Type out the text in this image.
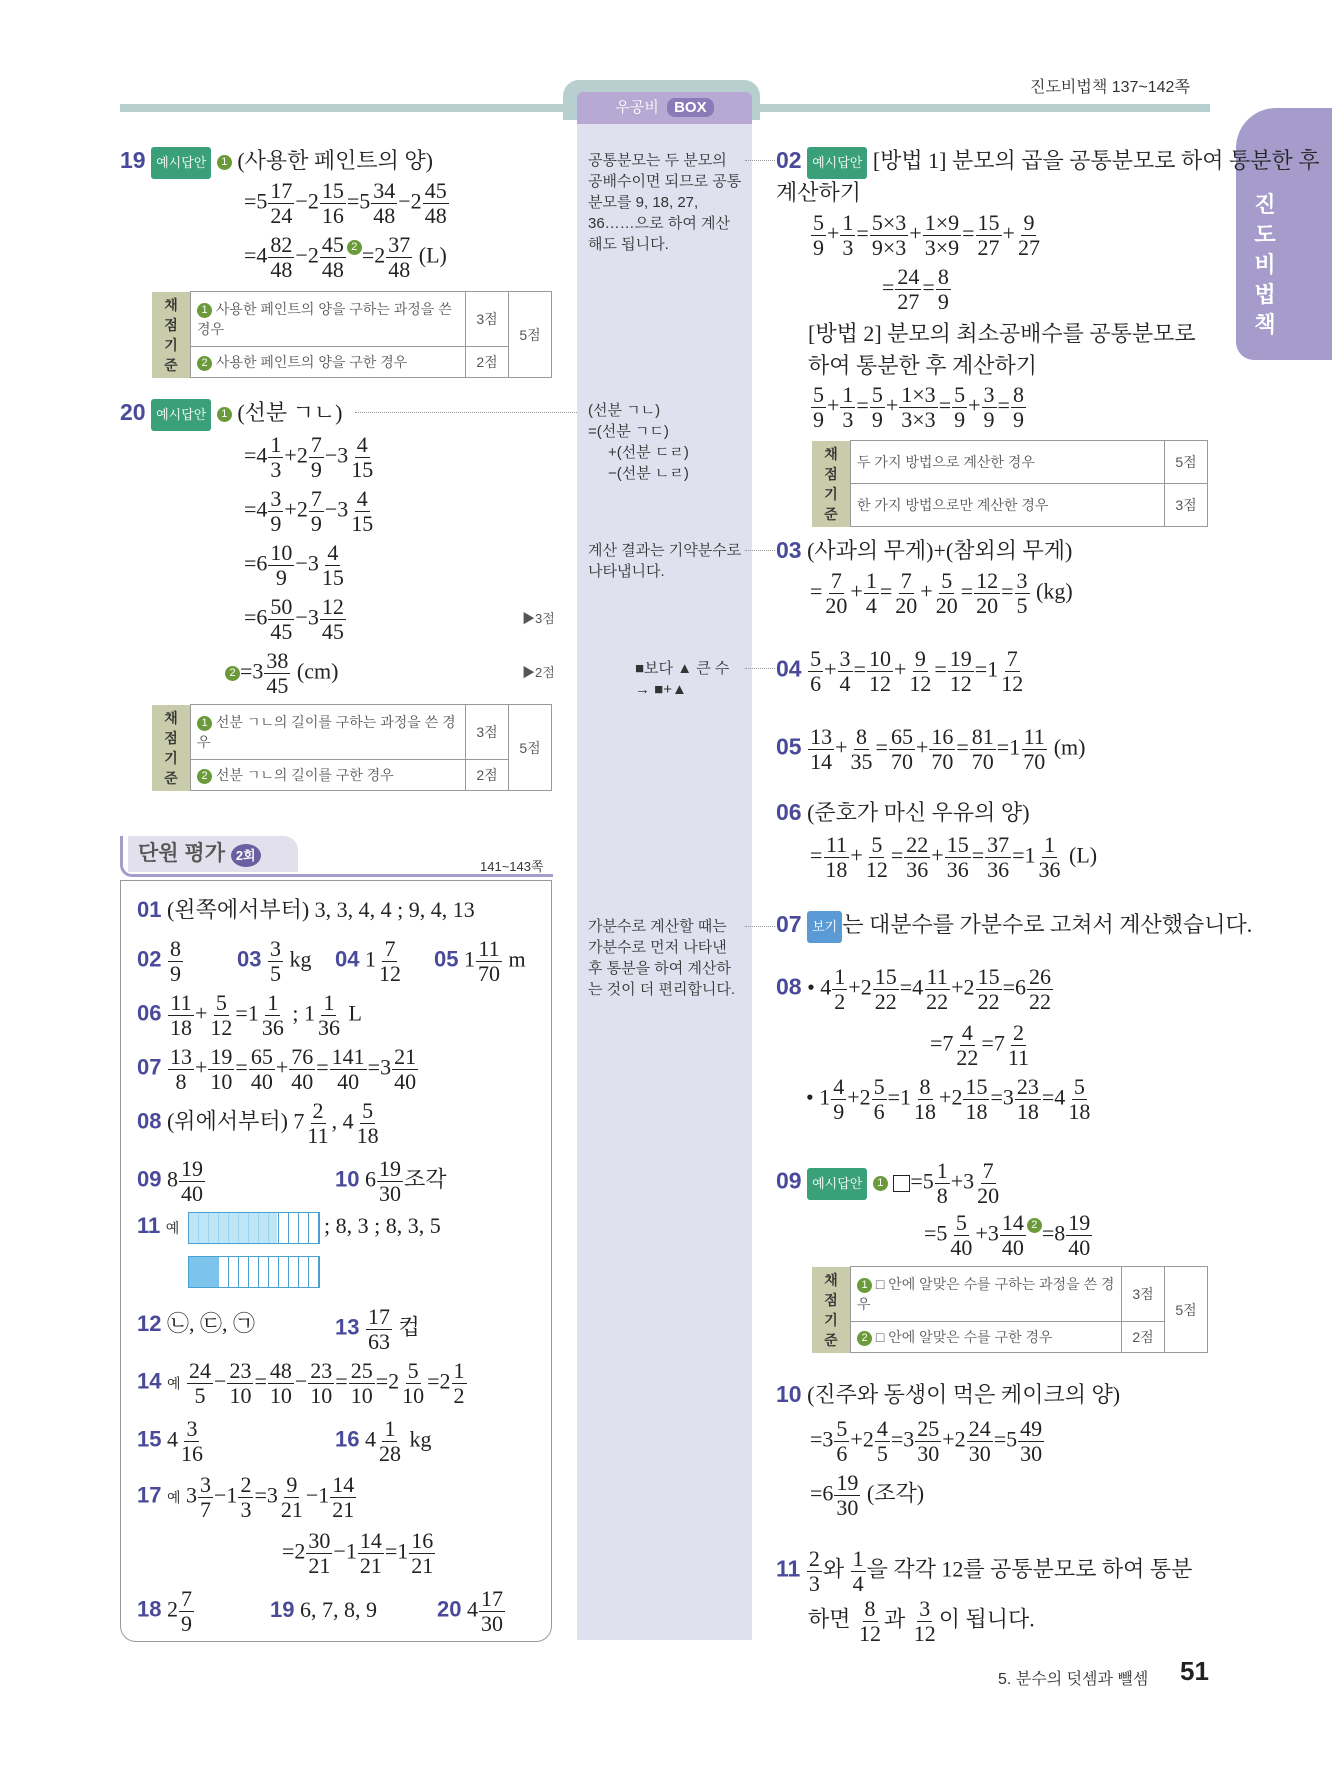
우공비 BOX
진도비법책 137~142쪽
진도비법책
19 예시답안 1 (사용한 페인트의 양)
$=5 \frac{17}{24} -2 \frac{15}{16} =5 \frac{34}{48} -2 \frac{45}{48}$
$=4 \frac{82}{48} -2 \frac{45}{48} 2 =2 \frac{37}{48} (L)$
채점 기준	1 사용한 페인트의 양을 구하는 과정을 쓴 경우	3점	5점
	2 사용한 페인트의 양을 구한 경우	2점	
20 예시답안 1 (선분 ㄱㄴ)
$=4 \frac{1}{3} +2 \frac{7}{9} -3 \frac{4}{15}$
$=4 \frac{3}{9} +2 \frac{7}{9} -3 \frac{4}{15}$
$=6 \frac{10}{9} -3 \frac{4}{15}$
$=6 \frac{50}{45} -3 \frac{12}{45}$	▶3점
$2 =3 \frac{38}{45} (cm)$	▶2점
채점 기준	1 선분 ㄱㄴ의 길이를 구하는 과정을 쓴 경우	3점	5점
	2 선분 ㄱㄴ의 길이를 구한 경우	2점	
단원 평가 2회
141~143쪽
01 (왼쪽에서부터) 3, 3, 4, 4 ; 9, 4, 13
$02 \frac{8}{9} 03 \frac{3}{5}$ kg 04 $1 \frac{7}{12} 05$ $1 \frac{11}{70}$ m
$06 \frac{11}{18} + \frac{5}{12} =1 \frac{1}{36}$ ; $1 \frac{1}{36}$ L
$07 \frac{13}{8} + \frac{19}{10} = \frac{65}{40} + \frac{76}{40} = \frac{141}{40} =3 \frac{21}{40}$
08 (위에서부터) $7 \frac{2}{11}$ , $4 \frac{5}{18}$
09 $8 \frac{19}{40}$	10 $6 \frac{19}{30}$ 조각
11 예	; 8, 3 ; 8, 3, 5
12 ㉡, ㉢, ㉠	$13 \frac{17}{63}$ 컵
14 예 $\frac{24}{5} - \frac{23}{10} = \frac{48}{10} - \frac{23}{10} = \frac{25}{10} =2 \frac{5}{10} =2 \frac{1}{2}$
15 $4 \frac{3}{16}$	16 $4 \frac{1}{28}$ kg
17 예 $3 \frac{3}{7} -1 \frac{2}{3} =3 \frac{9}{21} -1 \frac{14}{21}$
$=2 \frac{30}{21} -1 \frac{14}{21} =1 \frac{16}{21}$
18 $2 \frac{7}{9}$	19 6, 7, 8, 9	20 $4 \frac{17}{30}$
공통분모는 두 분모의 공배수이면 되므로 공통분모를 9, 18, 27, 36……으로 하여 계산해도 됩니다.
(선분 ㄱㄴ)
=(선분 ㄱㄷ)
+(선분 ㄷㄹ)
−(선분 ㄴㄹ)
계산 결과는 기약분수로 나타냅니다.
■보다 ▲ 큰 수
→ ■+▲
가분수로 계산할 때는 가분수로 먼저 나타낸 후 통분을 하여 계산하는 것이 더 편리합니다.
02 예시답안 [방법 1] 분모의 곱을 공통분모로 하여 통분한 후 계산하기
$\frac{5}{9} + \frac{1}{3} = \frac{5\times 3}{9\times 3} + \frac{1\times 9}{3\times 9} = \frac{15}{27} + \frac{9}{27}$
= $\frac{24}{27} = \frac{8}{9}$
[방법 2] 분모의 최소공배수를 공통분모로 하여 통분한 후 계산하기
$\frac{5}{9} + \frac{1}{3} = \frac{5}{9} + \frac{1\times 3}{3\times 3} = \frac{5}{9} + \frac{3}{9} = \frac{8}{9}$
채점 기준	두 가지 방법으로 계산한 경우	5점
	한 가지 방법으로만 계산한 경우	3점
03 (사과의 무게)+(참외의 무게)
= $\frac{7}{20} + \frac{1}{4} = \frac{7}{20} + \frac{5}{20} = \frac{12}{20} = \frac{3}{5} (kg)$
$04 \frac{5}{6} + \frac{3}{4} = \frac{10}{12} + \frac{9}{12} = \frac{19}{12} =1 \frac{7}{12}$
$05 \frac{13}{14} + \frac{8}{35} = \frac{65}{70} + \frac{16}{70} = \frac{81}{70} =1 \frac{11}{70} (m)$
06 (준호가 마신 우유의 양)
= $\frac{11}{18} + \frac{5}{12} = \frac{22}{36} + \frac{15}{36} = \frac{37}{36} =1 \frac{1}{36} (L)$
07 보기 는 대분수를 가분수로 고쳐서 계산했습니다.
08 • $4 \frac{1}{2} +2 \frac{15}{22} =4 \frac{11}{22} +2 \frac{15}{22} =6 \frac{26}{22}$
$=7 \frac{4}{22} =7 \frac{2}{11}$
• $1 \frac{4}{9} +2 \frac{5}{6} =1 \frac{8}{18} +2 \frac{15}{18} =3 \frac{23}{18} =4 \frac{5}{18}$
09 예시답안 $1 =5 \frac{1}{8} +3 \frac{7}{20}$
$=5 \frac{5}{40} +3 \frac{14}{40} 2 =8 \frac{19}{40}$
채점 기준	1 □ 안에 알맞은 수를 구하는 과정을 쓴 경우	3점	5점
	2 □ 안에 알맞은 수를 구한 경우	2점	
10 (진주와 동생이 먹은 케이크의 양)
$=3 \frac{5}{6} +2 \frac{4}{5} =3 \frac{25}{30} +2 \frac{24}{30} =5 \frac{49}{30}$
$=6 \frac{19}{30}$ (조각)
$11 \frac{2}{3}$ 와 $\frac{1}{4}$ 을 각각 12를 공통분모로 하여 통분
하면 $\frac{8}{12}$ 과 $\frac{3}{12}$ 이 됩니다.
5. 분수의 덧셈과 뺄셈 51
